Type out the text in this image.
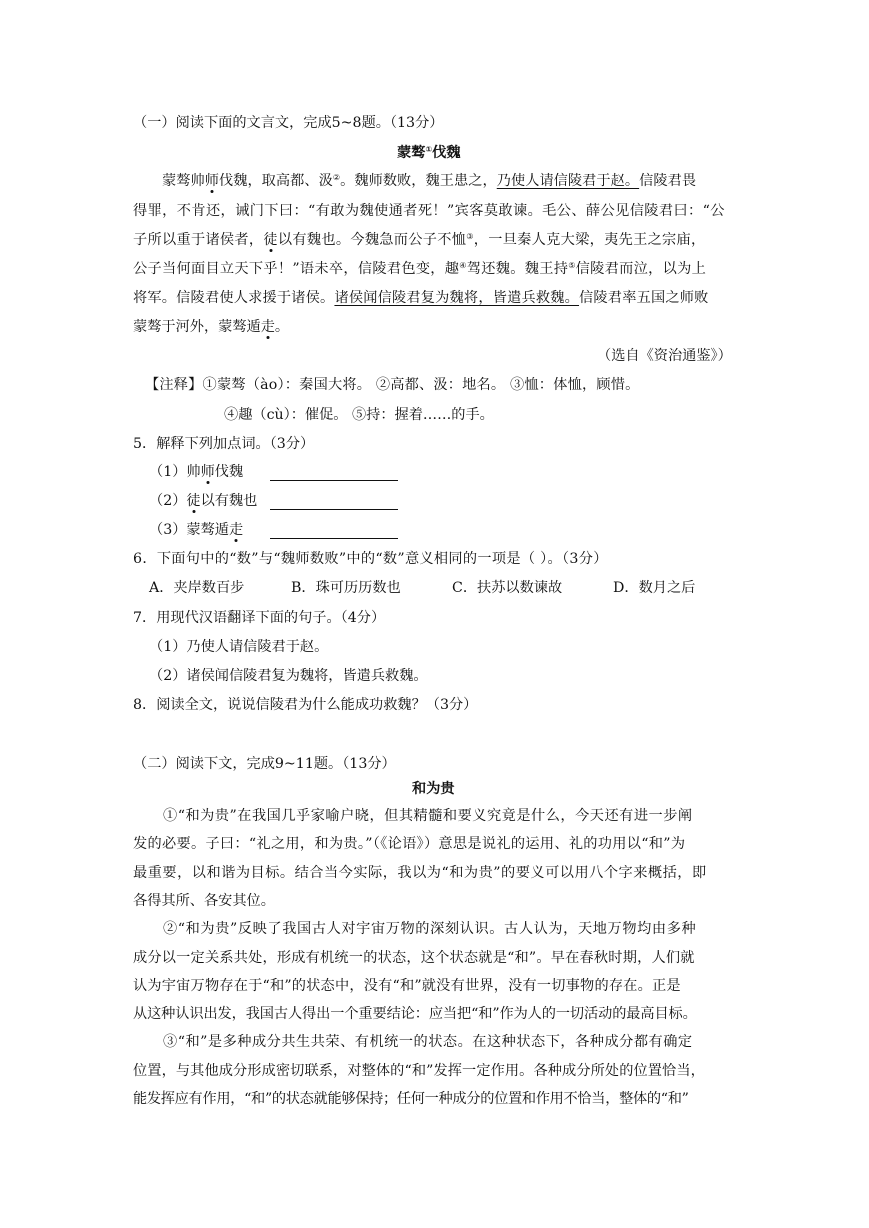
（一）阅读下面的文言文，完成5~8题。（13分）
蒙骜①伐魏
蒙骜帅师伐魏，取高都、汲②。魏师数败，魏王患之，乃使人请信陵君于赵。信陵君畏
得罪，不肯还，诫门下曰：“有敢为魏使通者死！”宾客莫敢谏。毛公、薛公见信陵君曰：“公
子所以重于诸侯者，徒以有魏也。今魏急而公子不恤③，一旦秦人克大梁，夷先王之宗庙，
公子当何面目立天下乎！”语未卒，信陵君色变，趣④驾还魏。魏王持⑤信陵君而泣，以为上
将军。信陵君使人求援于诸侯。诸侯闻信陵君复为魏将，皆遣兵救魏。信陵君率五国之师败
蒙骜于河外，蒙骜遁走。
（选自《资治通鉴》）
【注释】①蒙骜（ào）：秦国大将。 ②高都、汲：地名。 ③恤：体恤，顾惜。
④趣（cù）：催促。 ⑤持：握着……的手。
5．解释下列加点词。（3分）
（1）帅师伐魏
（2）徒以有魏也
（3）蒙骜遁走
6．下面句中的“数”与“魏师数败”中的“数”意义相同的一项是（ ）。（3分）
A．夹岸数百步	B．珠可历历数也	C．扶苏以数谏故	D．数月之后
7．用现代汉语翻译下面的句子。（4分）
（1）乃使人请信陵君于赵。
（2）诸侯闻信陵君复为魏将，皆遣兵救魏。
8．阅读全文，说说信陵君为什么能成功救魏？（3分）
（二）阅读下文，完成9~11题。（13分）
和为贵
①“和为贵”在我国几乎家喻户晓，但其精髓和要义究竟是什么，今天还有进一步阐
发的必要。子曰：“礼之用，和为贵。”（《论语》）意思是说礼的运用、礼的功用以“和”为
最重要，以和谐为目标。结合当今实际，我以为“和为贵”的要义可以用八个字来概括，即
各得其所、各安其位。
②“和为贵”反映了我国古人对宇宙万物的深刻认识。古人认为，天地万物均由多种
成分以一定关系共处，形成有机统一的状态，这个状态就是“和”。早在春秋时期，人们就
认为宇宙万物存在于“和”的状态中，没有“和”就没有世界，没有一切事物的存在。正是
从这种认识出发，我国古人得出一个重要结论：应当把“和”作为人的一切活动的最高目标。
③“和”是多种成分共生共荣、有机统一的状态。在这种状态下，各种成分都有确定
位置，与其他成分形成密切联系，对整体的“和”发挥一定作用。各种成分所处的位置恰当，
能发挥应有作用，“和”的状态就能够保持；任何一种成分的位置和作用不恰当，整体的“和”
